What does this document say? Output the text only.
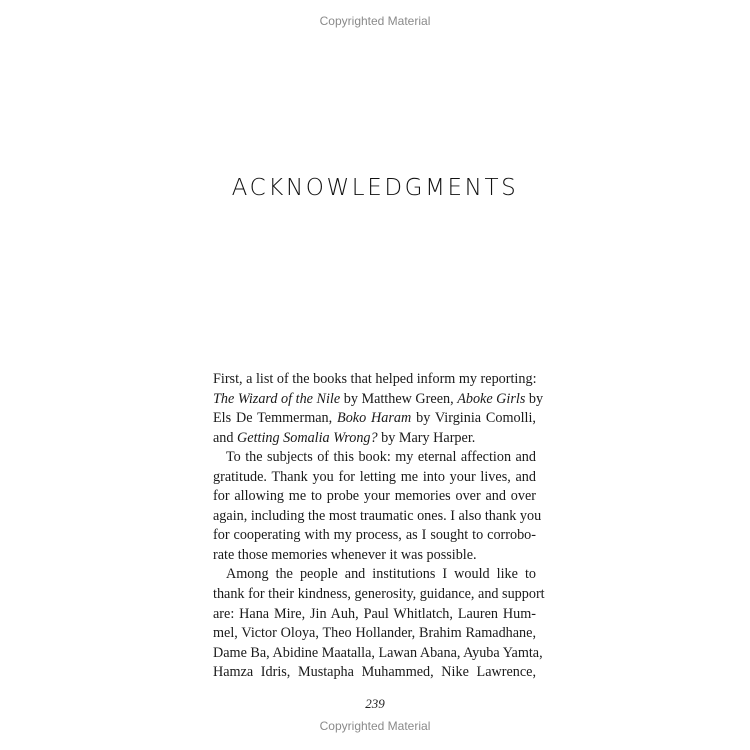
Copyrighted Material
ACKNOWLEDGMENTS
First, a list of the books that helped inform my reporting:
The Wizard of the Nile by Matthew Green, Aboke Girls by
Els De Temmerman, Boko Haram by Virginia Comolli,
and Getting Somalia Wrong? by Mary Harper.
To the subjects of this book: my eternal affection and
gratitude. Thank you for letting me into your lives, and
for allowing me to probe your memories over and over
again, including the most traumatic ones. I also thank you
for cooperating with my process, as I sought to corrobo-
rate those memories whenever it was possible.
Among the people and institutions I would like to
thank for their kindness, generosity, guidance, and support
are: Hana Mire, Jin Auh, Paul Whitlatch, Lauren Hum-
mel, Victor Oloya, Theo Hollander, Brahim Ramadhane,
Dame Ba, Abidine Maatalla, Lawan Abana, Ayuba Yamta,
Hamza Idris, Mustapha Muhammed, Nike Lawrence,
239
Copyrighted Material
